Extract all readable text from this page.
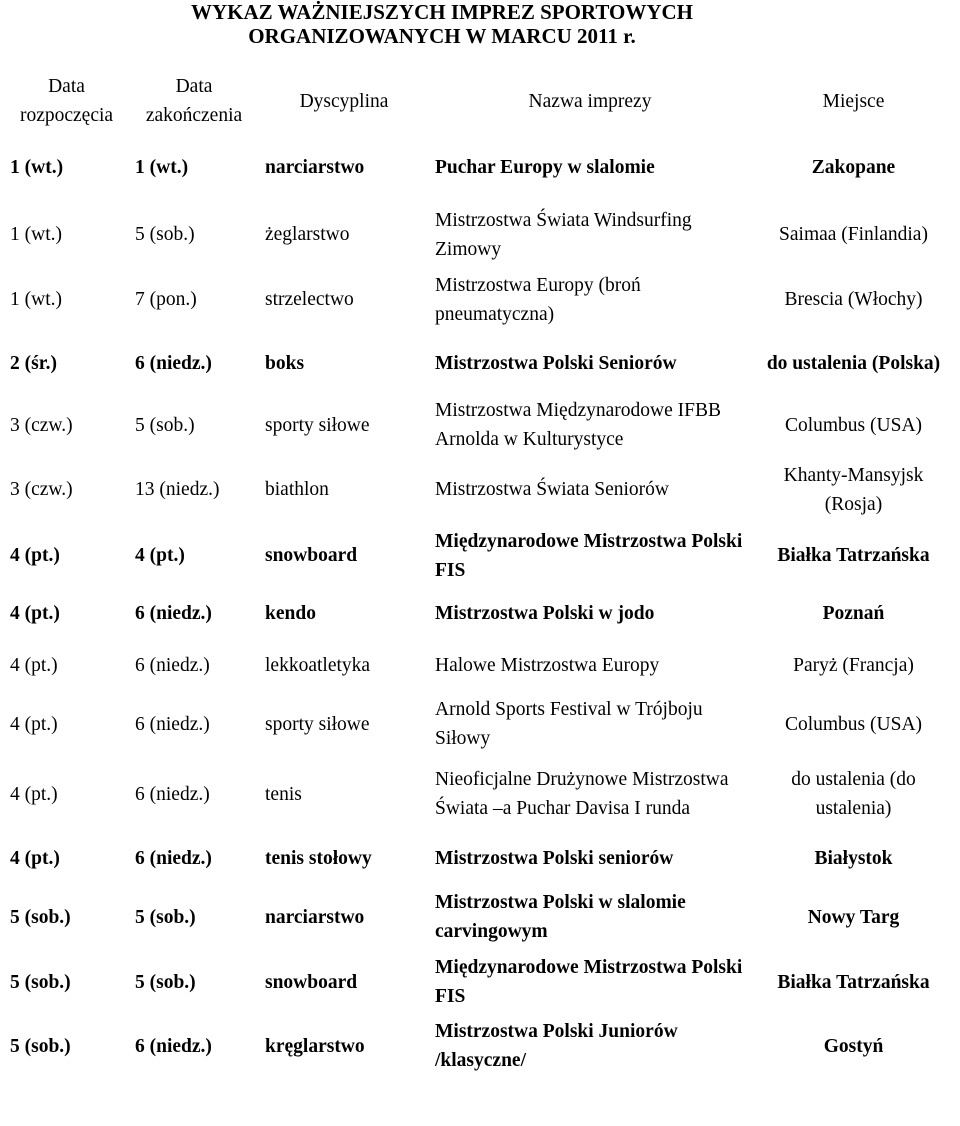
WYKAZ WAŻNIEJSZYCH IMPREZ SPORTOWYCH
ORGANIZOWANYCH W MARCU 2011 r.
Data rozpoczęcia	Data zakończenia	Dyscyplina	Nazwa imprezy	Miejsce
1 (wt.)	1 (wt.)	narciarstwo	Puchar Europy w slalomie	Zakopane
1 (wt.)	5 (sob.)	żeglarstwo	Mistrzostwa Świata Windsurfing Zimowy	Saimaa (Finlandia)
1 (wt.)	7 (pon.)	strzelectwo	Mistrzostwa Europy (broń pneumatyczna)	Brescia (Włochy)
2 (śr.)	6 (niedz.)	boks	Mistrzostwa Polski Seniorów	do ustalenia (Polska)
3 (czw.)	5 (sob.)	sporty siłowe	Mistrzostwa Międzynarodowe IFBB Arnolda w Kulturystyce	Columbus (USA)
3 (czw.)	13 (niedz.)	biathlon	Mistrzostwa Świata Seniorów	Khanty-Mansyjsk (Rosja)
4 (pt.)	4 (pt.)	snowboard	Międzynarodowe Mistrzostwa Polski FIS	Białka Tatrzańska
4 (pt.)	6 (niedz.)	kendo	Mistrzostwa Polski w jodo	Poznań
4 (pt.)	6 (niedz.)	lekkoatletyka	Halowe Mistrzostwa Europy	Paryż (Francja)
4 (pt.)	6 (niedz.)	sporty siłowe	Arnold Sports Festival w Trójboju Siłowy	Columbus (USA)
4 (pt.)	6 (niedz.)	tenis	Nieoficjalne Drużynowe Mistrzostwa Świata –a Puchar Davisa I runda	do ustalenia (do ustalenia)
4 (pt.)	6 (niedz.)	tenis stołowy	Mistrzostwa Polski seniorów	Białystok
5 (sob.)	5 (sob.)	narciarstwo	Mistrzostwa Polski w slalomie carvingowym	Nowy Targ
5 (sob.)	5 (sob.)	snowboard	Międzynarodowe Mistrzostwa Polski FIS	Białka Tatrzańska
5 (sob.)	6 (niedz.)	kręglarstwo	Mistrzostwa Polski Juniorów /klasyczne/	Gostyń
